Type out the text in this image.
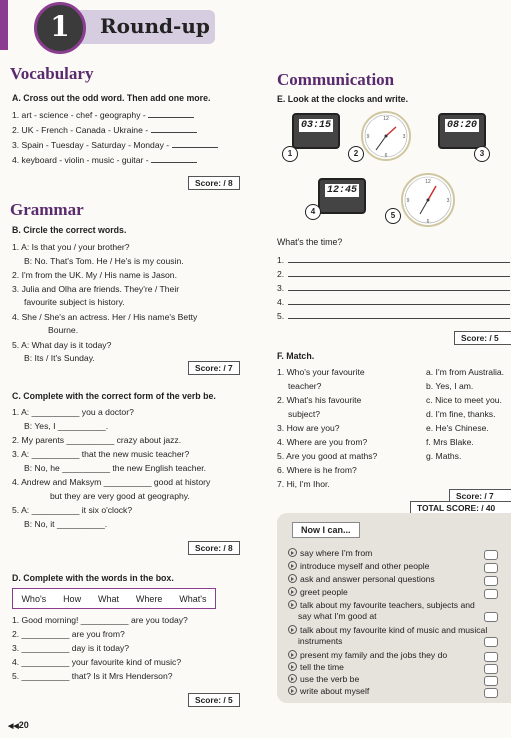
1	Round-up
Vocabulary
A. Cross out the odd word. Then add one more.
1. art - science - chef - geography -
2. UK - French - Canada - Ukraine -
3. Spain - Tuesday - Saturday - Monday -
4. keyboard - violin - music - guitar -
Score: / 8
Grammar
B. Circle the correct words.
1. A: Is that you / your brother?
B: No. That's Tom. He / He's is my cousin.
2. I'm from the UK. My / His name is Jason.
3. Julia and Olha are friends. They're / Their
favourite subject is history.
4. She / She's an actress. Her / His name's Betty
Bourne.
5. A: What day is it today?
B: Its / It's Sunday.
Score: / 7
C. Complete with the correct form of the verb be.
1. A: __________ you a doctor?
B: Yes, I __________.
2. My parents __________ crazy about jazz.
3. A: __________ that the new music teacher?
B: No, he __________ the new English teacher.
4. Andrew and Maksym __________ good at history
but they are very good at geography.
5. A: __________ it six o'clock?
B: No, it __________.
Score: / 8
D. Complete with the words in the box.
Who's How What Where What's
1. Good morning! __________ are you today?
2. __________ are you from?
3. __________ day is it today?
4. __________ your favourite kind of music?
5. __________ that? Is it Mrs Henderson?
Score: / 5
◀◀20
Communication
E. Look at the clocks and write.
03:15
1
12
3
6
9
2
08:20
3
12:45
4
12
3
6
9
5
What's the time?
1.
2.
3.
4.
5.
Score: / 5
F. Match.
1. Who's your favourite
teacher?
2. What's his favourite
subject?
3. How are you?
4. Where are you from?
5. Are you good at maths?
6. Where is he from?
7. Hi, I'm Ihor.
a. I'm from Australia.
b. Yes, I am.
c. Nice to meet you.
d. I'm fine, thanks.
e. He's Chinese.
f. Mrs Blake.
g. Maths.
Score: / 7
TOTAL SCORE: / 40
Now I can...
say where I'm from
introduce myself and other people
ask and answer personal questions
greet people
talk about my favourite teachers, subjects and say what I'm good at
talk about my favourite kind of music and musical instruments
present my family and the jobs they do
tell the time
use the verb be
write about myself
